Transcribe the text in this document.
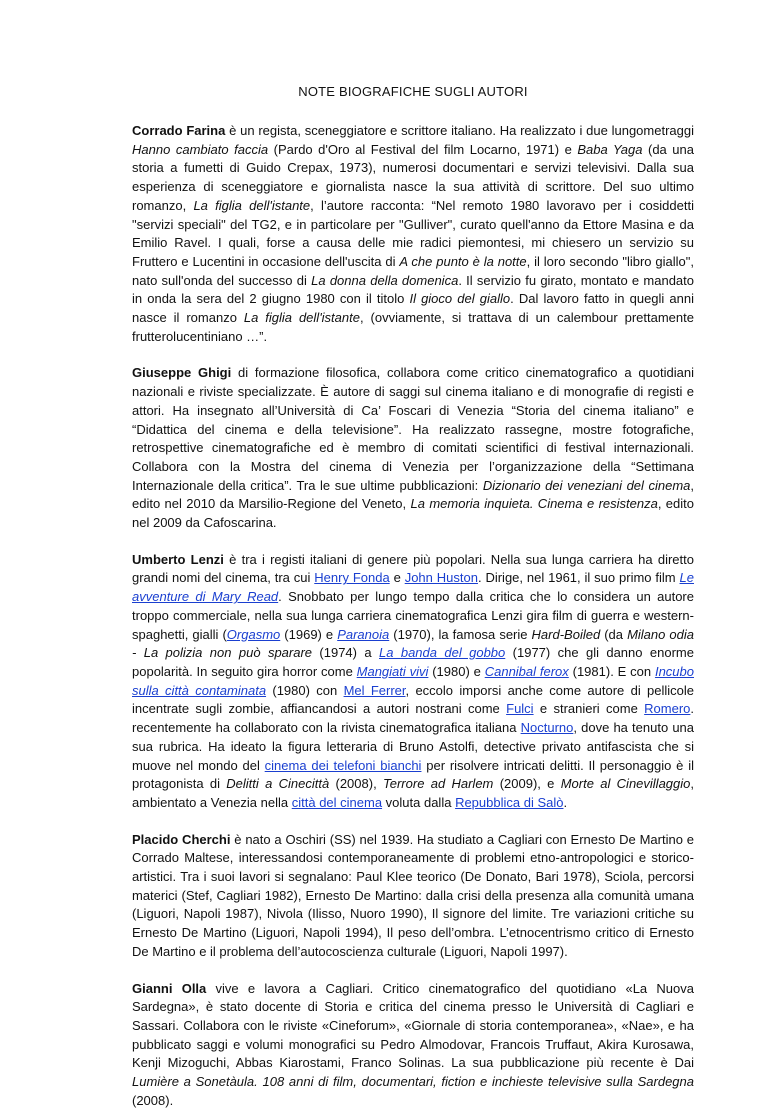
NOTE BIOGRAFICHE SUGLI AUTORI

Corrado Farina è un regista, sceneggiatore e scrittore italiano. Ha realizzato i due lungometraggi Hanno cambiato faccia (Pardo d'Oro al Festival del film Locarno, 1971) e Baba Yaga (da una storia a fumetti di Guido Crepax, 1973), numerosi documentari e servizi televisivi. Dalla sua esperienza di sceneggiatore e giornalista nasce la sua attività di scrittore. Del suo ultimo romanzo, La figlia dell'istante, l’autore racconta: “Nel remoto 1980 lavoravo per i cosiddetti "servizi speciali" del TG2, e in particolare per "Gulliver", curato quell'anno da Ettore Masina e da Emilio Ravel. I quali, forse a causa delle mie radici piemontesi, mi chiesero un servizio su Fruttero e Lucentini in occasione dell'uscita di A che punto è la notte, il loro secondo "libro giallo", nato sull'onda del successo di La donna della domenica. Il servizio fu girato, montato e mandato in onda la sera del 2 giugno 1980 con il titolo Il gioco del giallo. Dal lavoro fatto in quegli anni nasce il romanzo La figlia dell'istante, (ovviamente, si trattava di un calembour prettamente frutterolucentiniano …”.

Giuseppe Ghigi di formazione filosofica, collabora come critico cinematografico a quotidiani nazionali e riviste specializzate. È autore di saggi sul cinema italiano e di monografie di registi e attori. Ha insegnato all’Università di Ca’ Foscari di Venezia “Storia del cinema italiano” e “Didattica del cinema e della televisione”. Ha realizzato rassegne, mostre fotografiche, retrospettive cinematografiche ed è membro di comitati scientifici di festival internazionali. Collabora con la Mostra del cinema di Venezia per l’organizzazione della “Settimana Internazionale della critica”. Tra le sue ultime pubblicazioni: Dizionario dei veneziani del cinema, edito nel 2010 da Marsilio-Regione del Veneto, La memoria inquieta. Cinema e resistenza, edito nel 2009 da Cafoscarina.

Umberto Lenzi è tra i registi italiani di genere più popolari. Nella sua lunga carriera ha diretto grandi nomi del cinema, tra cui Henry Fonda e John Huston. Dirige, nel 1961, il suo primo film Le avventure di Mary Read. Snobbato per lungo tempo dalla critica che lo considera un autore troppo commerciale, nella sua lunga carriera cinematografica Lenzi gira film di guerra e western-spaghetti, gialli (Orgasmo (1969) e Paranoia (1970), la famosa serie Hard-Boiled (da Milano odia - La polizia non può sparare (1974) a La banda del gobbo (1977) che gli danno enorme popolarità. In seguito gira horror come Mangiati vivi (1980) e Cannibal ferox (1981). E con Incubo sulla città contaminata (1980) con Mel Ferrer, eccolo imporsi anche come autore di pellicole incentrate sugli zombie, affiancandosi a autori nostrani come Fulci e stranieri come Romero. recentemente ha collaborato con la rivista cinematografica italiana Nocturno, dove ha tenuto una sua rubrica. Ha ideato la figura letteraria di Bruno Astolfi, detective privato antifascista che si muove nel mondo del cinema dei telefoni bianchi per risolvere intricati delitti. Il personaggio è il protagonista di Delitti a Cinecittà (2008), Terrore ad Harlem (2009), e Morte al Cinevillaggio, ambientato a Venezia nella città del cinema voluta dalla Repubblica di Salò.

Placido Cherchi è nato a Oschiri (SS) nel 1939. Ha studiato a Cagliari con Ernesto De Martino e Corrado Maltese, interessandosi contemporaneamente di problemi etno-antropologici e storico-artistici. Tra i suoi lavori si segnalano: Paul Klee teorico (De Donato, Bari 1978), Sciola, percorsi materici (Stef, Cagliari 1982), Ernesto De Martino: dalla crisi della presenza alla comunità umana (Liguori, Napoli 1987), Nivola (Ilisso, Nuoro 1990), Il signore del limite. Tre variazioni critiche su Ernesto De Martino (Liguori, Napoli 1994), Il peso dell’ombra. L’etnocentrismo critico di Ernesto De Martino e il problema dell’autocoscienza culturale (Liguori, Napoli 1997).

Gianni Olla vive e lavora a Cagliari. Critico cinematografico del quotidiano «La Nuova Sardegna», è stato docente di Storia e critica del cinema presso le Università di Cagliari e Sassari. Collabora con le riviste «Cineforum», «Giornale di storia contemporanea», «Nae», e ha pubblicato saggi e volumi monografici su Pedro Almodovar, Francois Truffaut, Akira Kurosawa, Kenji Mizoguchi, Abbas Kiarostami, Franco Solinas. La sua pubblicazione più recente è Dai Lumière a Sonetàula. 108 anni di film, documentari, fiction e inchieste televisive sulla Sardegna (2008).
